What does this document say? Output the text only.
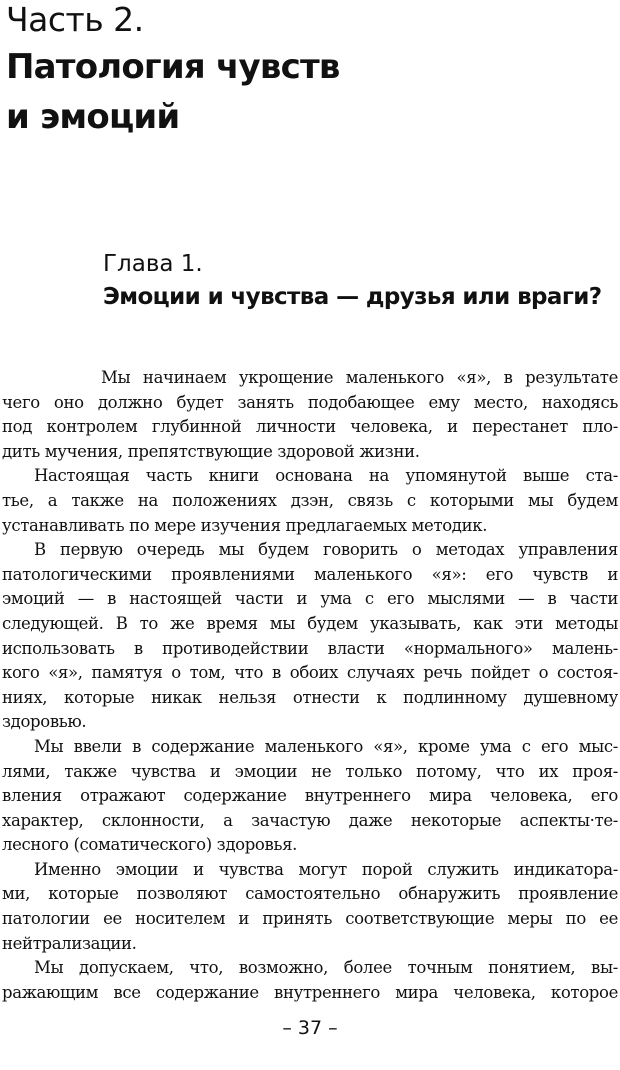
Часть 2.
Патология чувств
и эмоций
Глава 1.
Эмоции и чувства — друзья или враги?
Мы начинаем укрощение маленького «я», в результате
чего оно должно будет занять подобающее ему место, находясь
под контролем глубинной личности человека, и перестанет пло-
дить мучения, препятствующие здоровой жизни.
Настоящая часть книги основана на упомянутой выше ста-
тье, а также на положениях дзэн, связь с которыми мы будем
устанавливать по мере изучения предлагаемых методик.
В первую очередь мы будем говорить о методах управления
патологическими проявлениями маленького «я»: его чувств и
эмоций — в настоящей части и ума с его мыслями — в части
следующей. В то же время мы будем указывать, как эти методы
использовать в противодействии власти «нормального» малень-
кого «я», памятуя о том, что в обоих случаях речь пойдет о состоя-
ниях, которые никак нельзя отнести к подлинному душевному
здоровью.
Мы ввели в содержание маленького «я», кроме ума с его мыс-
лями, также чувства и эмоции не только потому, что их проя-
вления отражают содержание внутреннего мира человека, его
характер, склонности, а зачастую даже некоторые аспекты·те-
лесного (соматического) здоровья.
Именно эмоции и чувства могут порой служить индикатора-
ми, которые позволяют самостоятельно обнаружить проявление
патологии ее носителем и принять соответствующие меры по ее
нейтрализации.
Мы допускаем, что, возможно, более точным понятием, вы-
ражающим все содержание внутреннего мира человека, которое
– 37 –
